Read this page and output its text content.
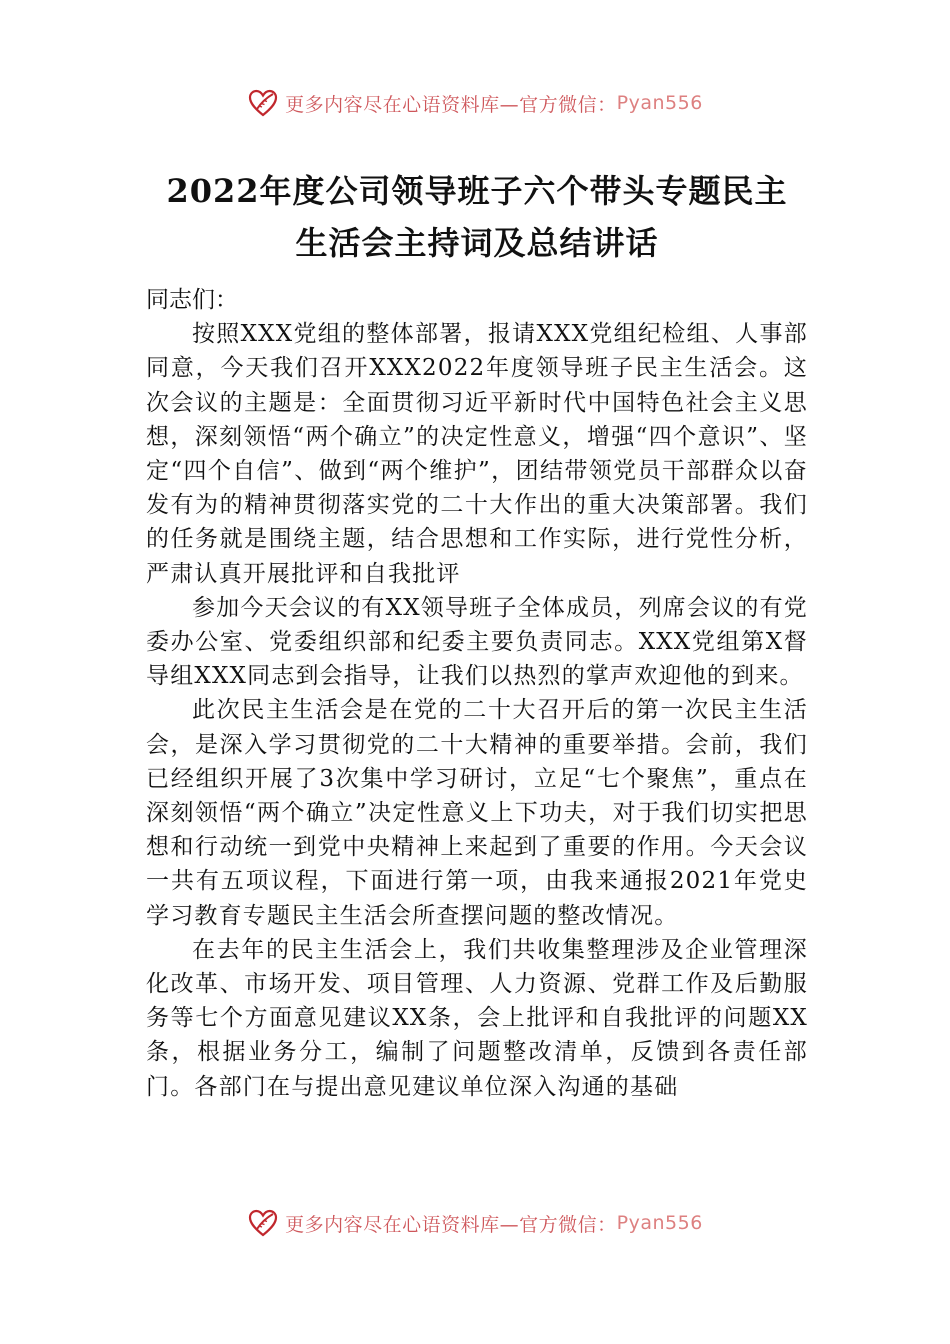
更多内容尽在心语资料库—官方微信： Pyan556
2022年度公司领导班子六个带头专题民主
生活会主持词及总结讲话

同志们：

按照XXX党组的整体部署，报请XXX党组纪检组、人事部同意，今天我们召开XXX2022年度领导班子民主生活会。这次会议的主题是：全面贯彻习近平新时代中国特色社会主义思想，深刻领悟“两个确立”的决定性意义，增强“四个意识”、坚定“四个自信”、做到“两个维护”，团结带领党员干部群众以奋发有为的精神贯彻落实党的二十大作出的重大决策部署。我们的任务就是围绕主题，结合思想和工作实际，进行党性分析，严肃认真开展批评和自我批评

参加今天会议的有XX领导班子全体成员，列席会议的有党委办公室、党委组织部和纪委主要负责同志。XXX党组第X督导组XXX同志到会指导，让我们以热烈的掌声欢迎他的到来。

此次民主生活会是在党的二十大召开后的第一次民主生活会，是深入学习贯彻党的二十大精神的重要举措。会前，我们已经组织开展了3次集中学习研讨，立足“七个聚焦”，重点在深刻领悟“两个确立”决定性意义上下功夫，对于我们切实把思想和行动统一到党中央精神上来起到了重要的作用。今天会议一共有五项议程，下面进行第一项，由我来通报2021年党史学习教育专题民主生活会所查摆问题的整改情况。

在去年的民主生活会上，我们共收集整理涉及企业管理深化改革、市场开发、项目管理、人力资源、党群工作及后勤服务等七个方面意见建议XX条，会上批评和自我批评的问题XX条，根据业务分工，编制了问题整改清单，反馈到各责任部门。各部门在与提出意见建议单位深入沟通的基础

更多内容尽在心语资料库—官方微信： Pyan556
